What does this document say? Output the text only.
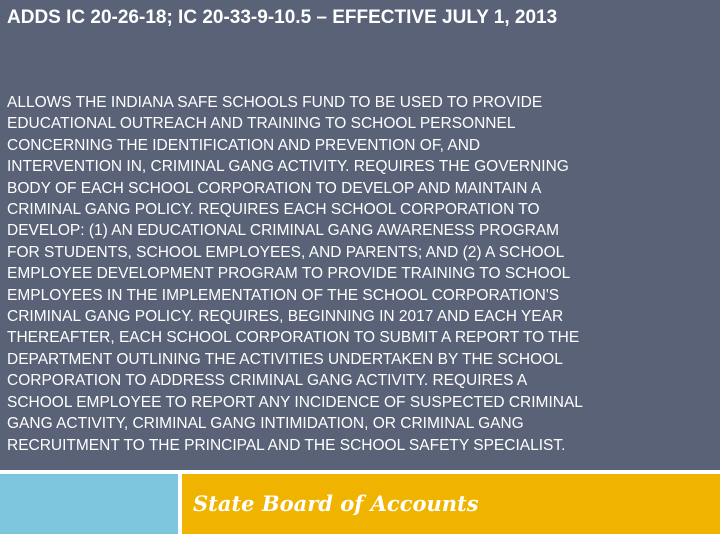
ADDS IC 20-26-18; IC 20-33-9-10.5 – EFFECTIVE JULY 1, 2013
ALLOWS THE INDIANA SAFE SCHOOLS FUND TO BE USED TO PROVIDE
EDUCATIONAL OUTREACH AND TRAINING TO SCHOOL PERSONNEL
CONCERNING THE IDENTIFICATION AND PREVENTION OF, AND
INTERVENTION IN, CRIMINAL GANG ACTIVITY. REQUIRES THE GOVERNING
BODY OF EACH SCHOOL CORPORATION TO DEVELOP AND MAINTAIN A
CRIMINAL GANG POLICY. REQUIRES EACH SCHOOL CORPORATION TO
DEVELOP: (1) AN EDUCATIONAL CRIMINAL GANG AWARENESS PROGRAM
FOR STUDENTS, SCHOOL EMPLOYEES, AND PARENTS; AND (2) A SCHOOL
EMPLOYEE DEVELOPMENT PROGRAM TO PROVIDE TRAINING TO SCHOOL
EMPLOYEES IN THE IMPLEMENTATION OF THE SCHOOL CORPORATION'S
CRIMINAL GANG POLICY. REQUIRES, BEGINNING IN 2017 AND EACH YEAR
THEREAFTER, EACH SCHOOL CORPORATION TO SUBMIT A REPORT TO THE
DEPARTMENT OUTLINING THE ACTIVITIES UNDERTAKEN BY THE SCHOOL
CORPORATION TO ADDRESS CRIMINAL GANG ACTIVITY. REQUIRES A
SCHOOL EMPLOYEE TO REPORT ANY INCIDENCE OF SUSPECTED CRIMINAL
GANG ACTIVITY, CRIMINAL GANG INTIMIDATION, OR CRIMINAL GANG
RECRUITMENT TO THE PRINCIPAL AND THE SCHOOL SAFETY SPECIALIST.
State Board of Accounts
